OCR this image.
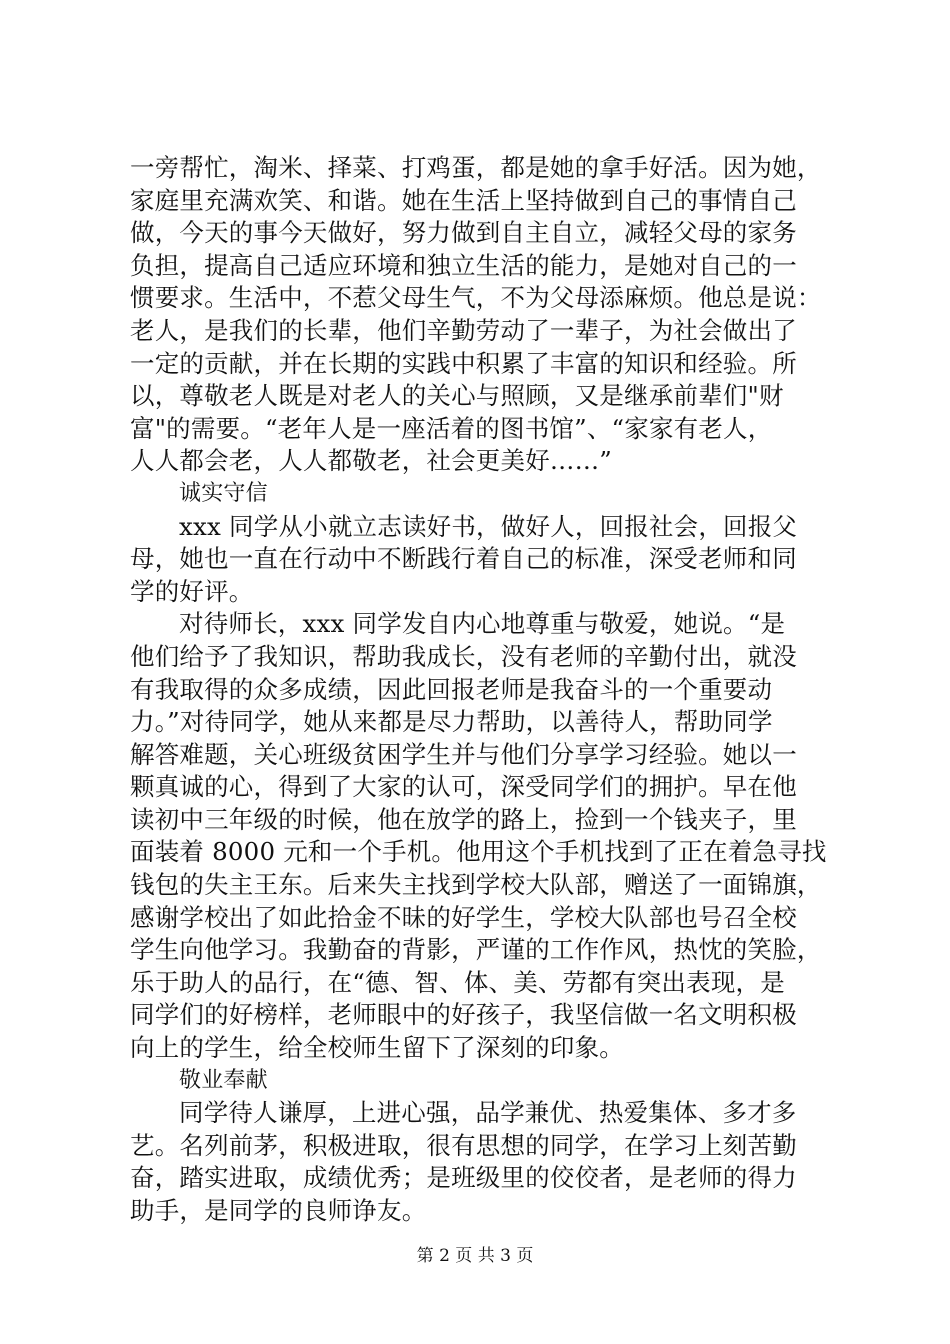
一旁帮忙，淘米、择菜、打鸡蛋，都是她的拿手好活。因为她，
家庭里充满欢笑、和谐。她在生活上坚持做到自己的事情自己
做，今天的事今天做好，努力做到自主自立，减轻父母的家务
负担，提高自己适应环境和独立生活的能力，是她对自己的一
惯要求。生活中，不惹父母生气，不为父母添麻烦。他总是说：
老人，是我们的长辈，他们辛勤劳动了一辈子，为社会做出了
一定的贡献，并在长期的实践中积累了丰富的知识和经验。所
以，尊敬老人既是对老人的关心与照顾，又是继承前辈们"财
富"的需要。“老年人是一座活着的图书馆”、“家家有老人，
人人都会老，人人都敬老，社会更美好……”
诚实守信
xxx 同学从小就立志读好书，做好人，回报社会，回报父
母，她也一直在行动中不断践行着自己的标准，深受老师和同
学的好评。
对待师长，xxx 同学发自内心地尊重与敬爱，她说。“是
他们给予了我知识，帮助我成长，没有老师的辛勤付出，就没
有我取得的众多成绩，因此回报老师是我奋斗的一个重要动
力。”对待同学，她从来都是尽力帮助，以善待人，帮助同学
解答难题，关心班级贫困学生并与他们分享学习经验。她以一
颗真诚的心，得到了大家的认可，深受同学们的拥护。早在他
读初中三年级的时候，他在放学的路上，捡到一个钱夹子，里
面装着 8000 元和一个手机。他用这个手机找到了正在着急寻找
钱包的失主王东。后来失主找到学校大队部，赠送了一面锦旗，
感谢学校出了如此拾金不昧的好学生，学校大队部也号召全校
学生向他学习。我勤奋的背影，严谨的工作作风，热忱的笑脸，
乐于助人的品行，在“德、智、体、美、劳都有突出表现，是
同学们的好榜样，老师眼中的好孩子，我坚信做一名文明积极
向上的学生，给全校师生留下了深刻的印象。
敬业奉献
同学待人谦厚，上进心强，品学兼优、热爱集体、多才多
艺。名列前茅，积极进取，很有思想的同学，在学习上刻苦勤
奋，踏实进取，成绩优秀；是班级里的佼佼者，是老师的得力
助手，是同学的良师诤友。
第 2 页 共 3 页
